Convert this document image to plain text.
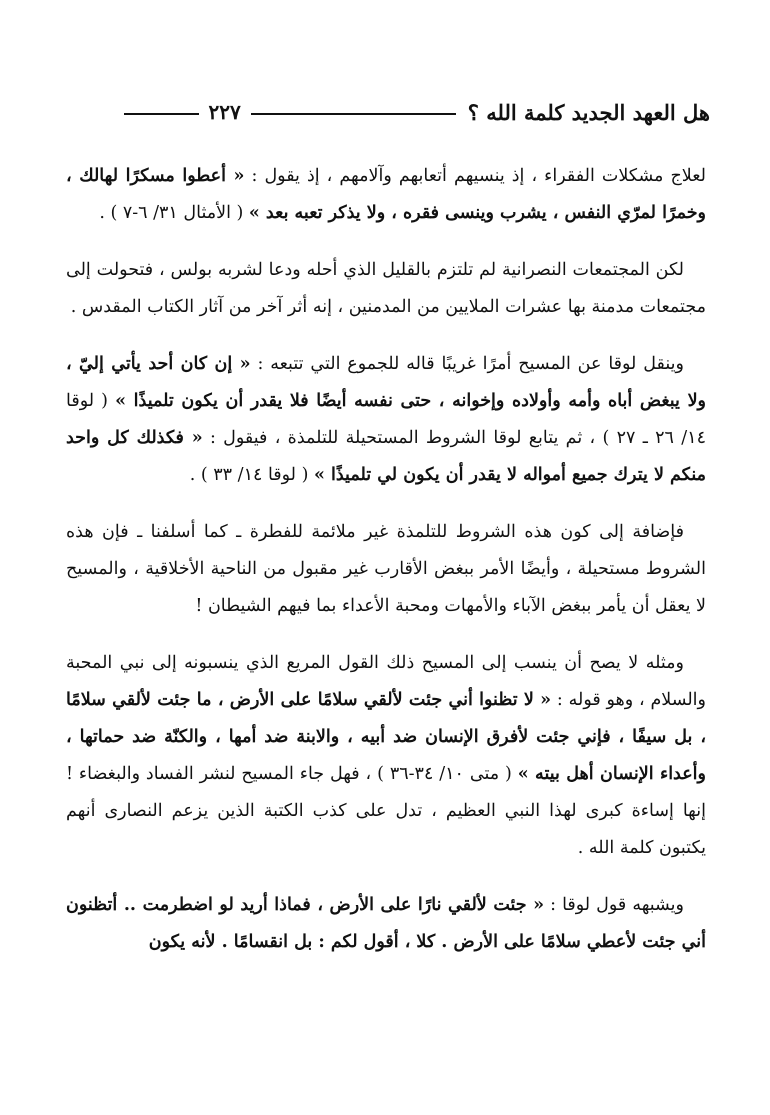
هل العهد الجديد كلمة الله ؟
٢٢٧

لعلاج مشكلات الفقراء ، إذ ينسيهم أتعابهم وآلامهم ، إذ يقول : « أعطوا مسكرًا لهالك ، وخمرًا لمرّي النفس ، يشرب وينسى فقره ، ولا يذكر تعبه بعد » ( الأمثال ٣١/ ٦-٧ ) .

لكن المجتمعات النصرانية لم تلتزم بالقليل الذي أحله ودعا لشربه بولس ، فتحولت إلى مجتمعات مدمنة بها عشرات الملايين من المدمنين ، إنه أثر آخر من آثار الكتاب المقدس .

وينقل لوقا عن المسيح أمرًا غريبًا قاله للجموع التي تتبعه : « إن كان أحد يأتي إليّ ، ولا يبغض أباه وأمه وأولاده وإخوانه ، حتى نفسه أيضًا فلا يقدر أن يكون تلميذًا » ( لوقا ١٤/ ٢٦ ـ ٢٧ ) ، ثم يتابع لوقا الشروط المستحيلة للتلمذة ، فيقول : « فكذلك كل واحد منكم لا يترك جميع أمواله لا يقدر أن يكون لي تلميذًا » ( لوقا ١٤/ ٣٣ ) .

فإضافة إلى كون هذه الشروط للتلمذة غير ملائمة للفطرة ـ كما أسلفنا ـ فإن هذه الشروط مستحيلة ، وأيضًا الأمر ببغض الأقارب غير مقبول من الناحية الأخلاقية ، والمسيح لا يعقل أن يأمر ببغض الآباء والأمهات ومحبة الأعداء بما فيهم الشيطان !

ومثله لا يصح أن ينسب إلى المسيح ذلك القول المريع الذي ينسبونه إلى نبي المحبة والسلام ، وهو قوله : « لا تظنوا أني جئت لألقي سلامًا على الأرض ، ما جئت لألقي سلامًا ، بل سيفًا ، فإني جئت لأفرق الإنسان ضد أبيه ، والابنة ضد أمها ، والكنّة ضد حماتها ، وأعداء الإنسان أهل بيته » ( متى ١٠/ ٣٤-٣٦ ) ، فهل جاء المسيح لنشر الفساد والبغضاء ! إنها إساءة كبرى لهذا النبي العظيم ، تدل على كذب الكتبة الذين يزعم النصارى أنهم يكتبون كلمة الله .

ويشبهه قول لوقا : « جئت لألقي نارًا على الأرض ، فماذا أريد لو اضطرمت .. أتظنون أني جئت لأعطي سلامًا على الأرض . كلا ، أقول لكم : بل انقسامًا . لأنه يكون
